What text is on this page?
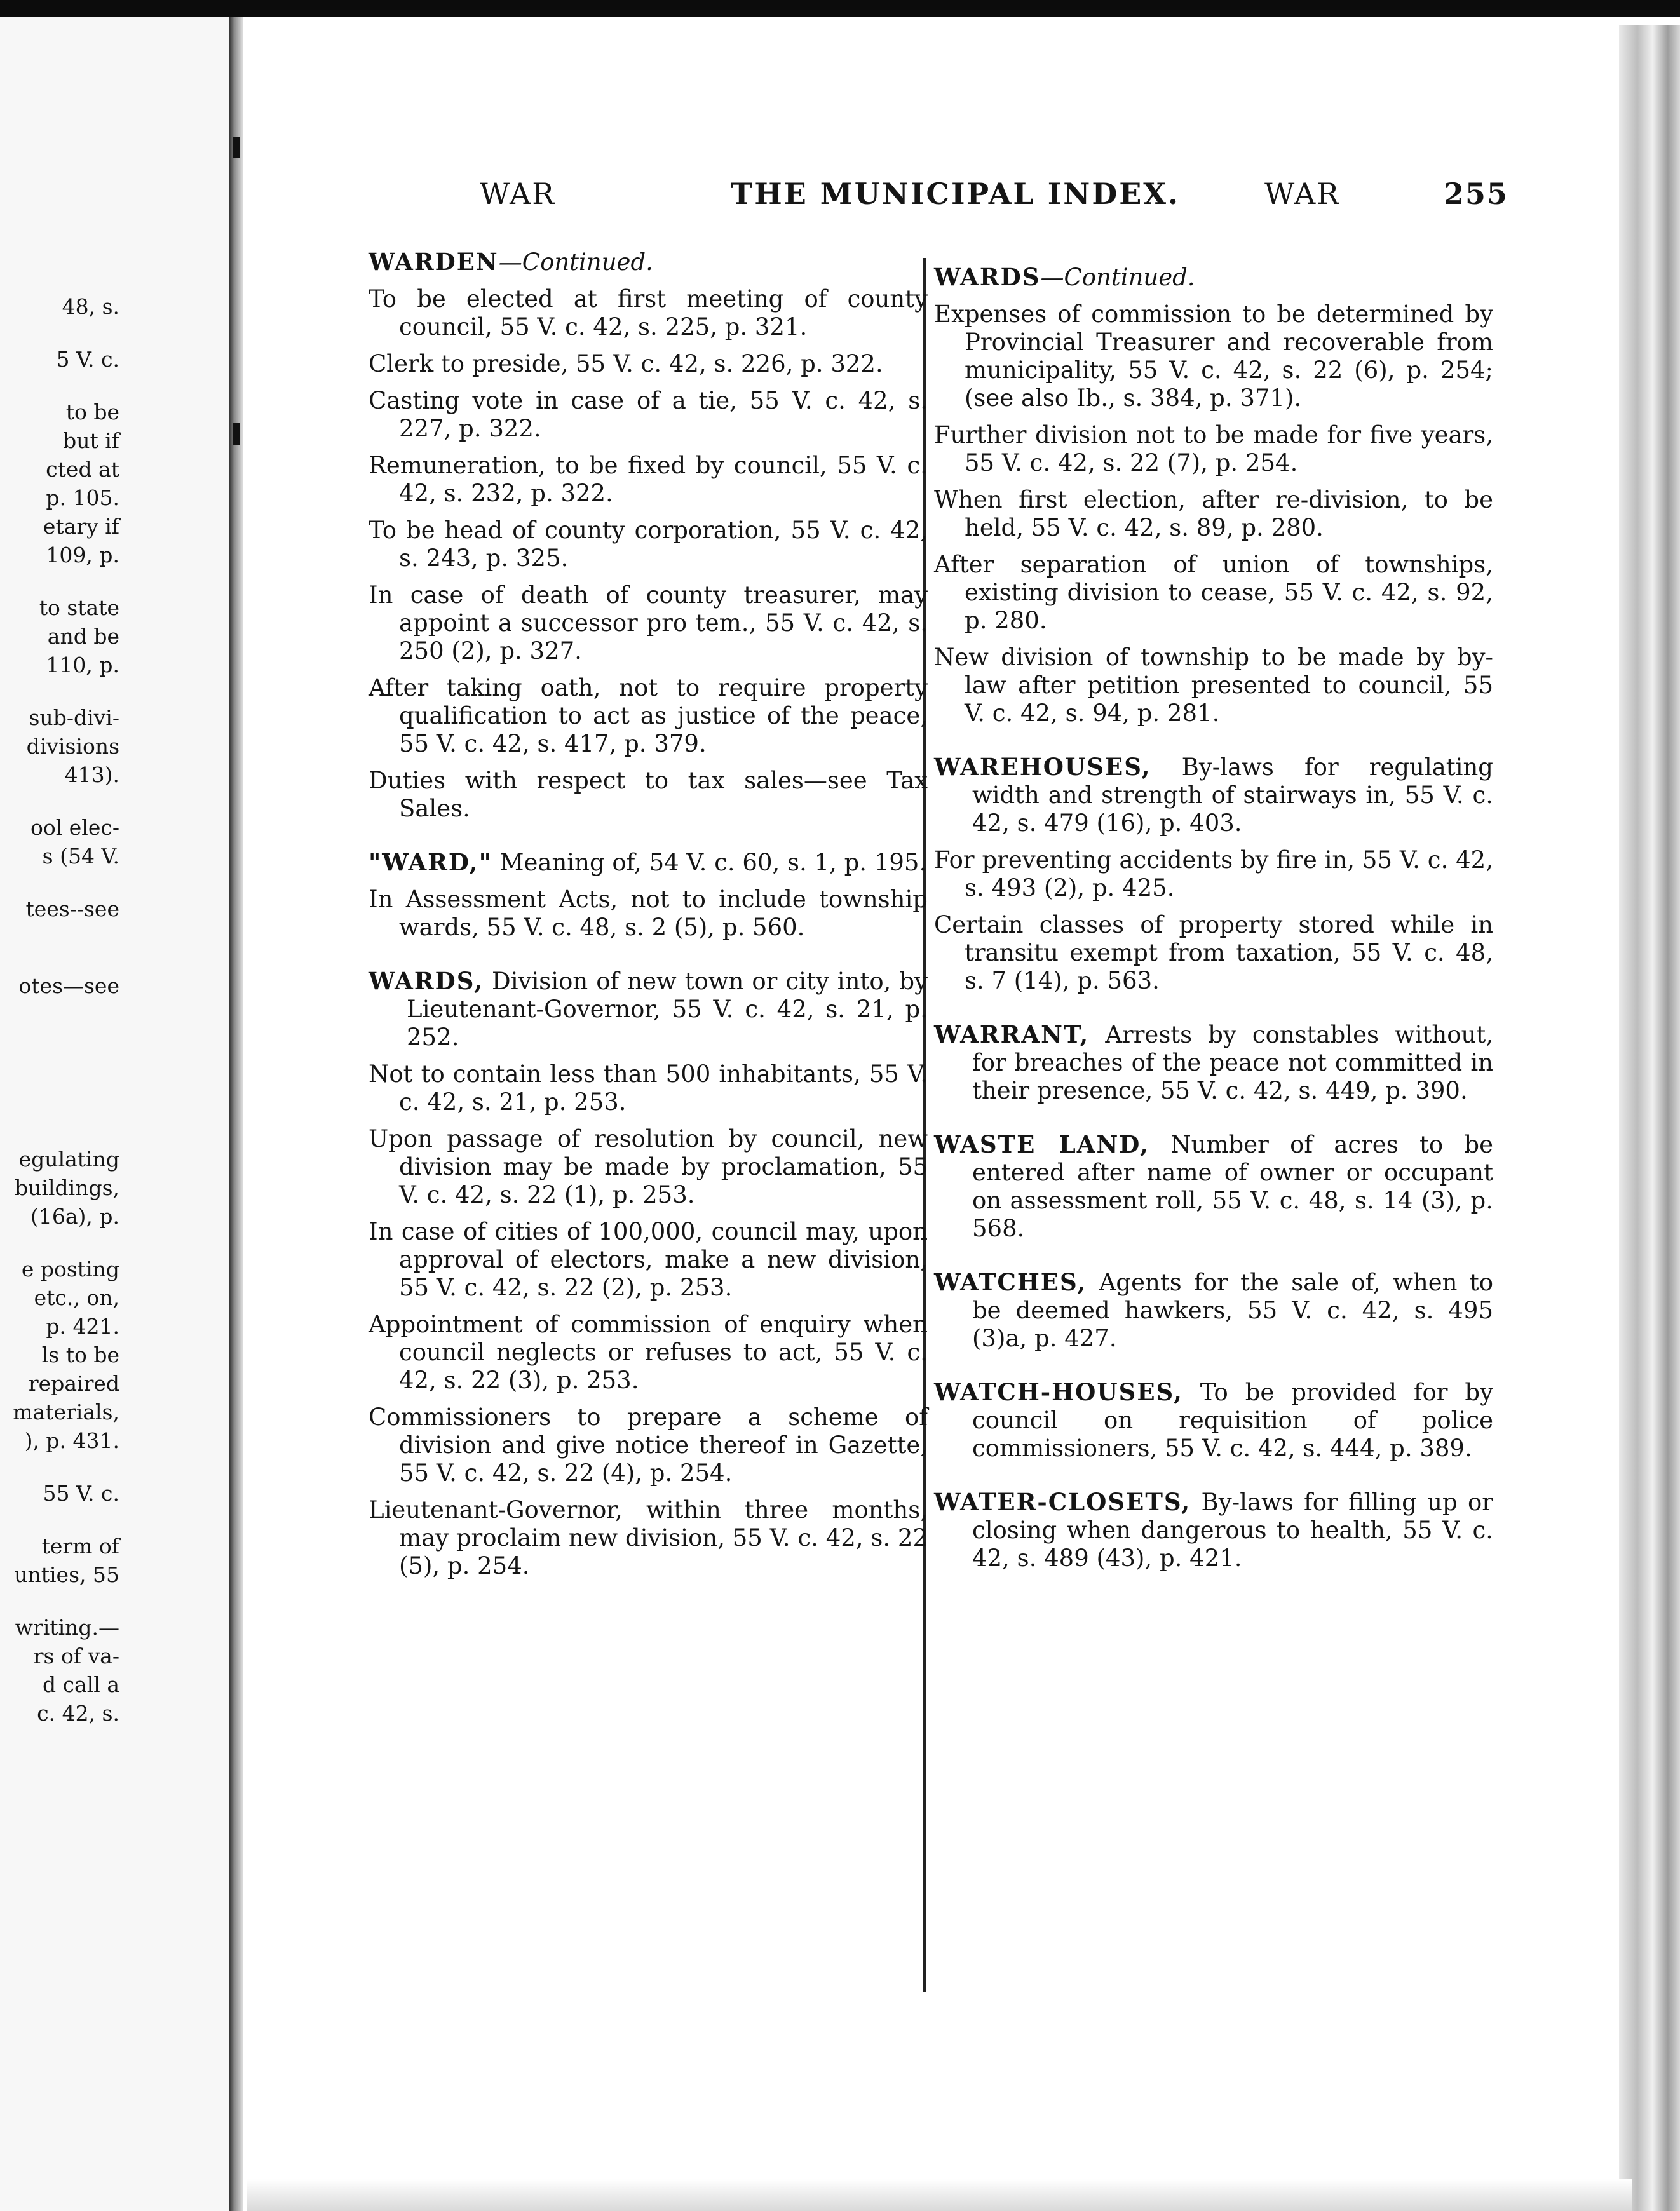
48, s.
5 V. c.
to be
but if
cted at
p. 105.
etary if
109, p.
to state
and be
110, p.
sub-divi-
divisions
413).
ool elec-
s (54 V.
tees--see
otes—see
egulating
buildings,
(16a), p.
e posting
etc., on,
p. 421.
ls to be
repaired
materials,
), p. 431.
55 V. c.
term of
unties, 55
writing.—
rs of va-
d call a
c. 42, s.
WAR	THE MUNICIPAL INDEX.	WAR	255
WARDEN—Continued.
To be elected at first meeting of county council, 55 V. c. 42, s. 225, p. 321.
Clerk to preside, 55 V. c. 42, s. 226, p. 322.
Casting vote in case of a tie, 55 V. c. 42, s. 227, p. 322.
Remuneration, to be fixed by council, 55 V. c. 42, s. 232, p. 322.
To be head of county corporation, 55 V. c. 42, s. 243, p. 325.
In case of death of county treasurer, may appoint a successor pro tem., 55 V. c. 42, s. 250 (2), p. 327.
After taking oath, not to require property qualification to act as justice of the peace, 55 V. c. 42, s. 417, p. 379.
Duties with respect to tax sales—see Tax Sales.
"WARD," Meaning of, 54 V. c. 60, s. 1, p. 195.
In Assessment Acts, not to include township wards, 55 V. c. 48, s. 2 (5), p. 560.
WARDS, Division of new town or city into, by Lieutenant-Governor, 55 V. c. 42, s. 21, p. 252.
Not to contain less than 500 inhabitants, 55 V. c. 42, s. 21, p. 253.
Upon passage of resolution by council, new division may be made by proclamation, 55 V. c. 42, s. 22 (1), p. 253.
In case of cities of 100,000, council may, upon approval of electors, make a new division, 55 V. c. 42, s. 22 (2), p. 253.
Appointment of commission of enquiry when council neglects or refuses to act, 55 V. c. 42, s. 22 (3), p. 253.
Commissioners to prepare a scheme of division and give notice thereof in Gazette, 55 V. c. 42, s. 22 (4), p. 254.
Lieutenant-Governor, within three months, may proclaim new division, 55 V. c. 42, s. 22 (5), p. 254.
WARDS—Continued.
Expenses of commission to be determined by Provincial Treasurer and recoverable from municipality, 55 V. c. 42, s. 22 (6), p. 254; (see also Ib., s. 384, p. 371).
Further division not to be made for five years, 55 V. c. 42, s. 22 (7), p. 254.
When first election, after re-division, to be held, 55 V. c. 42, s. 89, p. 280.
After separation of union of townships, existing division to cease, 55 V. c. 42, s. 92, p. 280.
New division of township to be made by by-law after petition presented to council, 55 V. c. 42, s. 94, p. 281.
WAREHOUSES, By-laws for regulating width and strength of stairways in, 55 V. c. 42, s. 479 (16), p. 403.
For preventing accidents by fire in, 55 V. c. 42, s. 493 (2), p. 425.
Certain classes of property stored while in transitu exempt from taxation, 55 V. c. 48, s. 7 (14), p. 563.
WARRANT, Arrests by constables without, for breaches of the peace not committed in their presence, 55 V. c. 42, s. 449, p. 390.
WASTE LAND, Number of acres to be entered after name of owner or occupant on assessment roll, 55 V. c. 48, s. 14 (3), p. 568.
WATCHES, Agents for the sale of, when to be deemed hawkers, 55 V. c. 42, s. 495 (3)a, p. 427.
WATCH-HOUSES, To be provided for by council on requisition of police commissioners, 55 V. c. 42, s. 444, p. 389.
WATER-CLOSETS, By-laws for filling up or closing when dangerous to health, 55 V. c. 42, s. 489 (43), p. 421.
